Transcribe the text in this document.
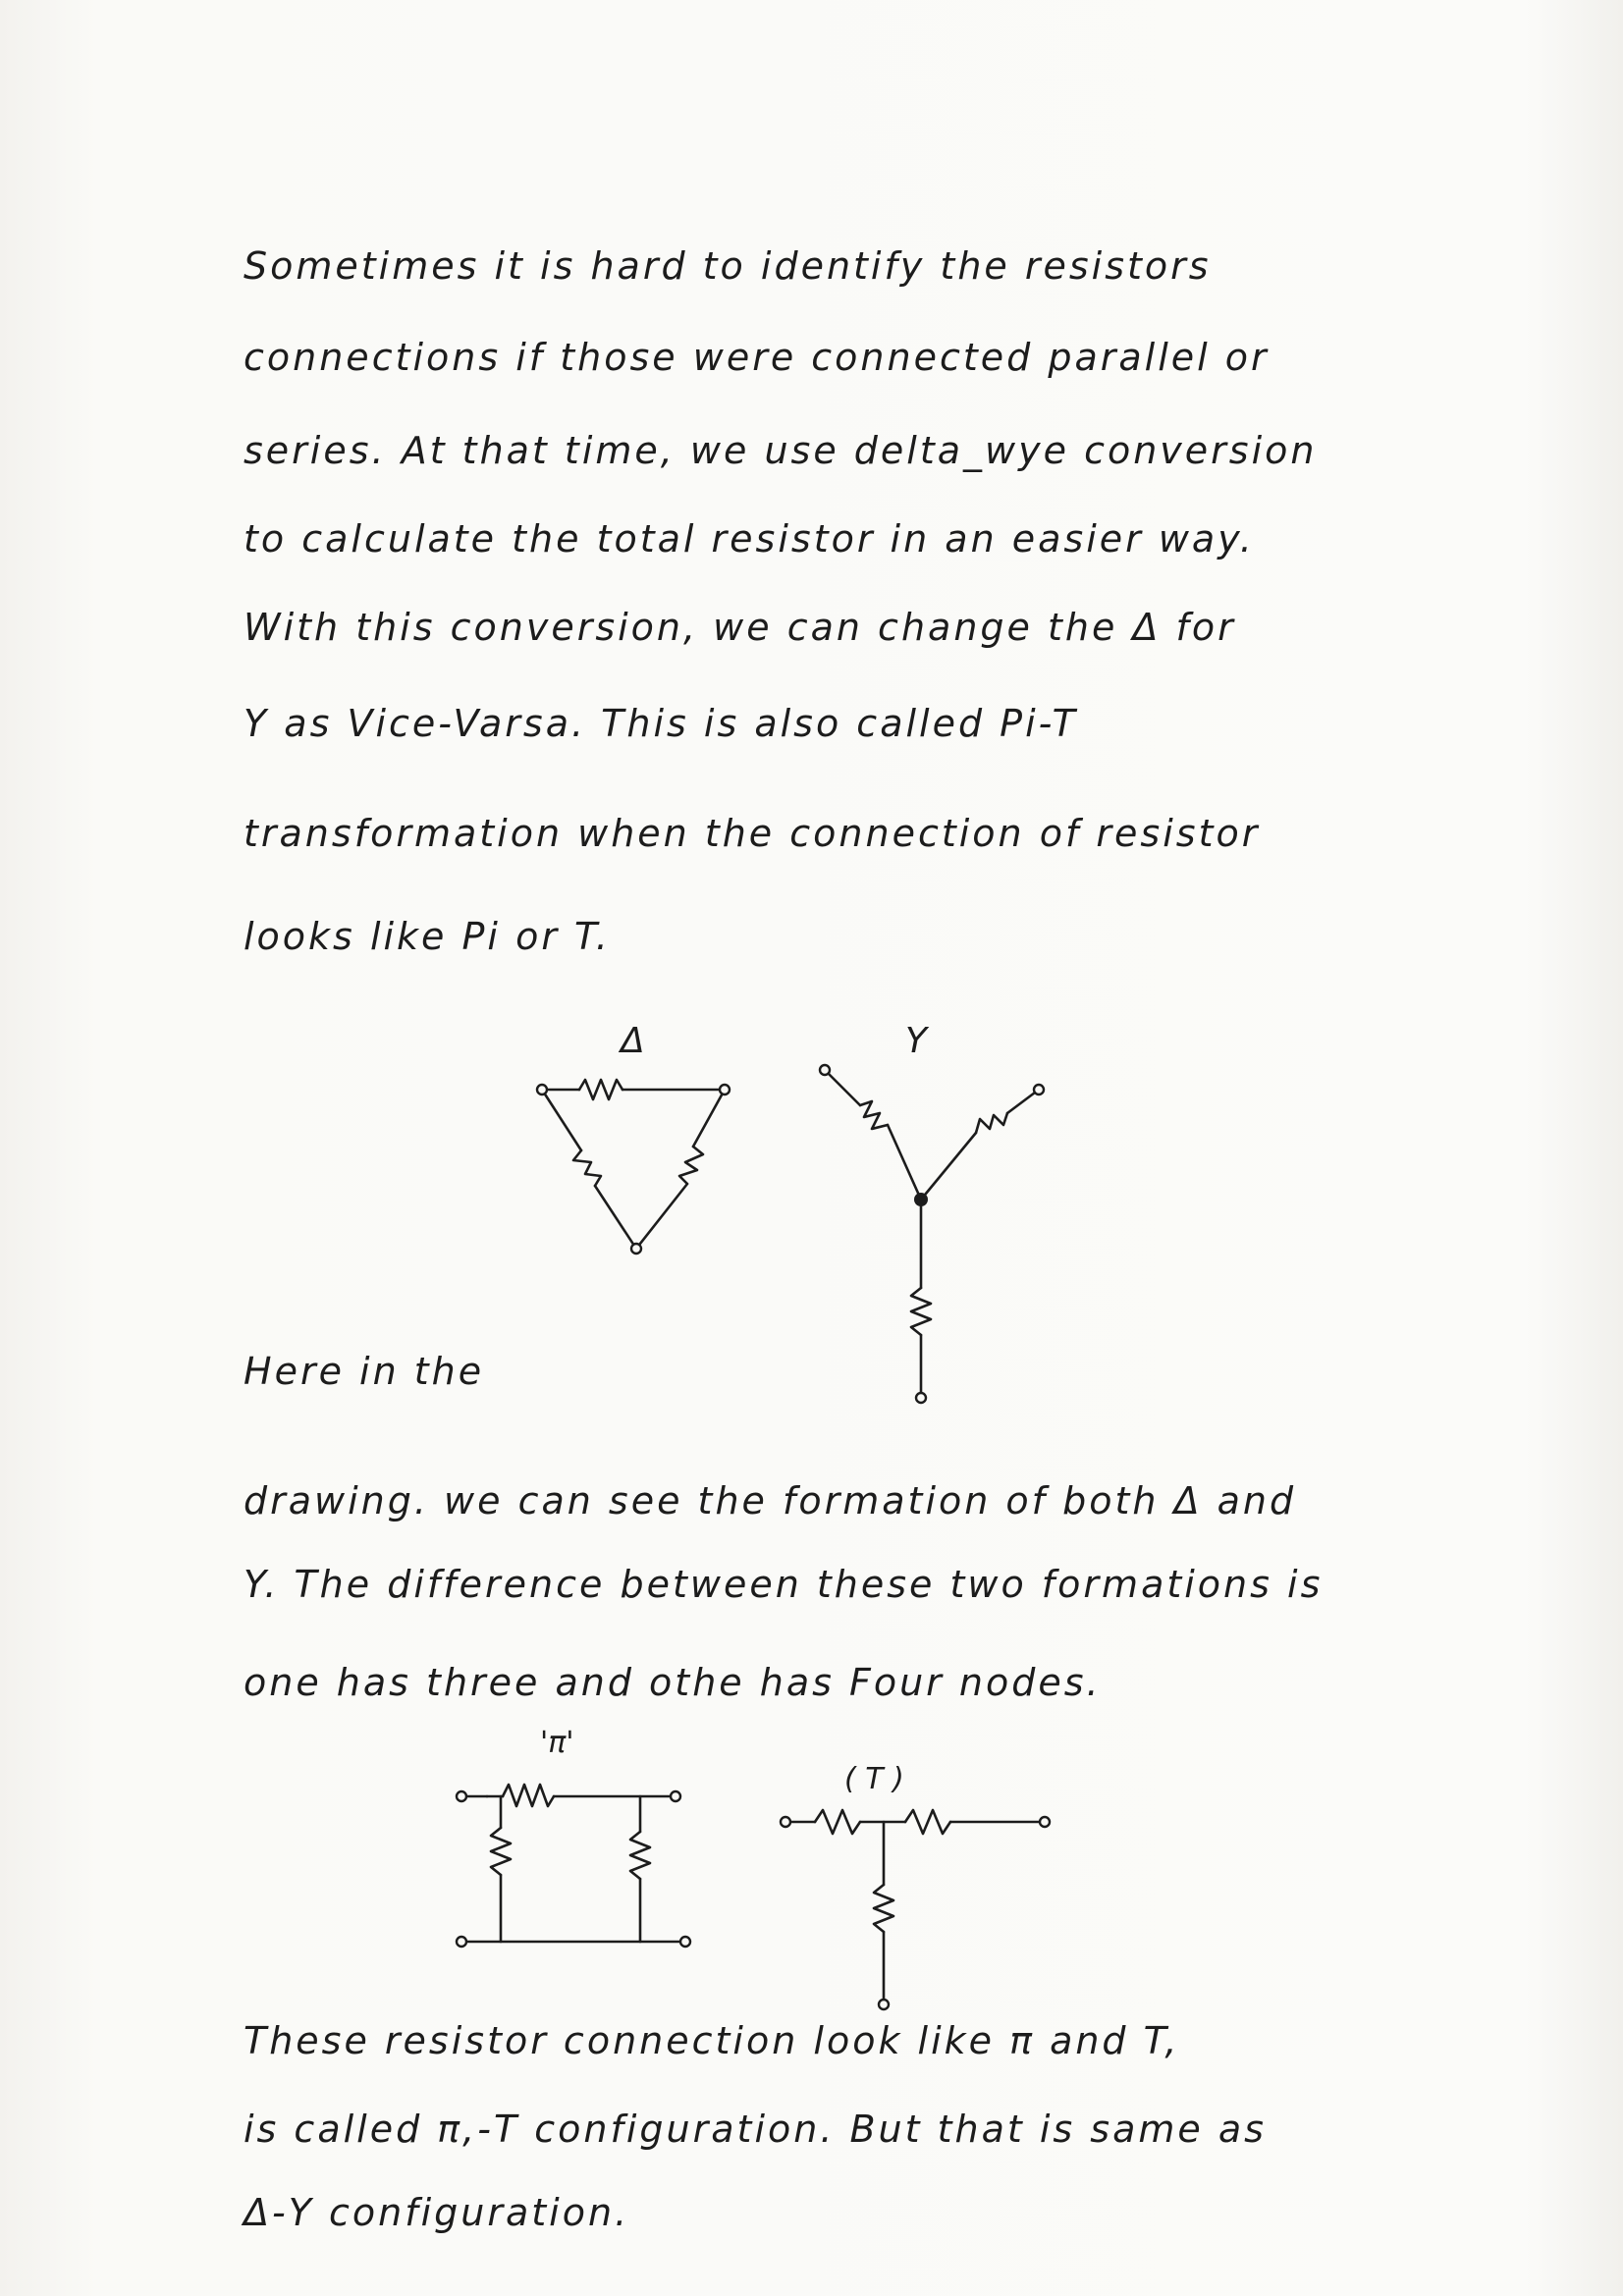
Sometimes it is hard to identify the resistors

connections if those were connected parallel or

series. At that time, we use delta_wye conversion

to calculate the total resistor in an easier way.

With this conversion, we can change the Δ for

Y as Vice-Varsa. This is also called Pi-T

transformation when the connection of resistor

looks like Pi or T.

Δ	Y

Here in the

drawing. we can see the formation of both Δ and

Y. The difference between these two formations is

one has three and othe has Four nodes.

'π'

( T )

These resistor connection look like π and T,

is called π,-T configuration. But that is same as

Δ-Y configuration.
